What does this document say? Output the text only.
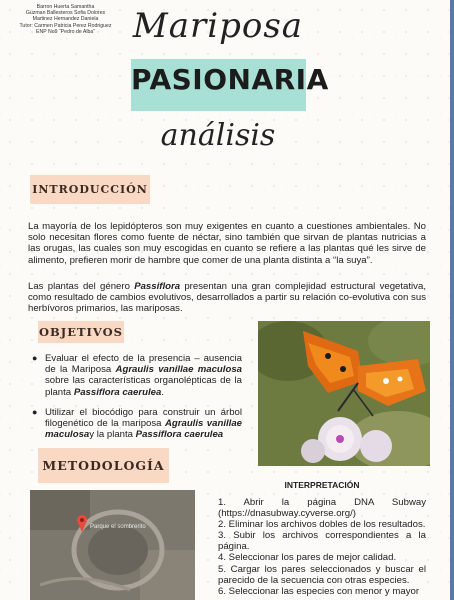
Barron Huerta Samantha
Guzman Ballesteros Sofia Dolores
Martinez Hernandez Daniela
Tutor: Carmen Patricia Perez Rodriguez
ENP No9 “Pedro de Alba”	Mariposa
PASIONARIA
análisis
INTRODUCCIÓN
La mayoría de los lepidópteros son muy exigentes en cuanto a cuestiones ambientales. No solo necesitan flores como fuente de néctar, sino también que sirvan de plantas nutricias a las orugas, las cuales son muy escogidas en cuanto se refiere a las plantas qué les sirve de alimento, prefieren morir de hambre que comer de una planta distinta a “la suya”.
Las plantas del género Passiflora presentan una gran complejidad estructural vegetativa, como resultado de cambios evolutivos, desarrollados a partir su relación co-evolutiva con sus herbívoros primarios, las mariposas.
OBJETIVOS
● Evaluar el efecto de la presencia – ausencia de la Mariposa Agraulis vanillae maculosa sobre las características organolépticas de la planta Passiflora caerulea.
● Utilizar el biocódigo para construir un árbol filogenético de la mariposa Agraulis vanillae maculosay la planta Passiflora caerulea
METODOLOGÍA
Parque el sombrerito
INTERPRETACIÓN
1. Abrir la página DNA Subway (https://dnasubway.cyverse.org/)
2. Eliminar los archivos dobles de los resultados.
3. Subir los archivos correspondientes a la página.
4. Seleccionar los pares de mejor calidad.
5. Cargar los pares seleccionados y buscar el parecido de la secuencia con otras especies.
6. Seleccionar las especies con menor y mayor
